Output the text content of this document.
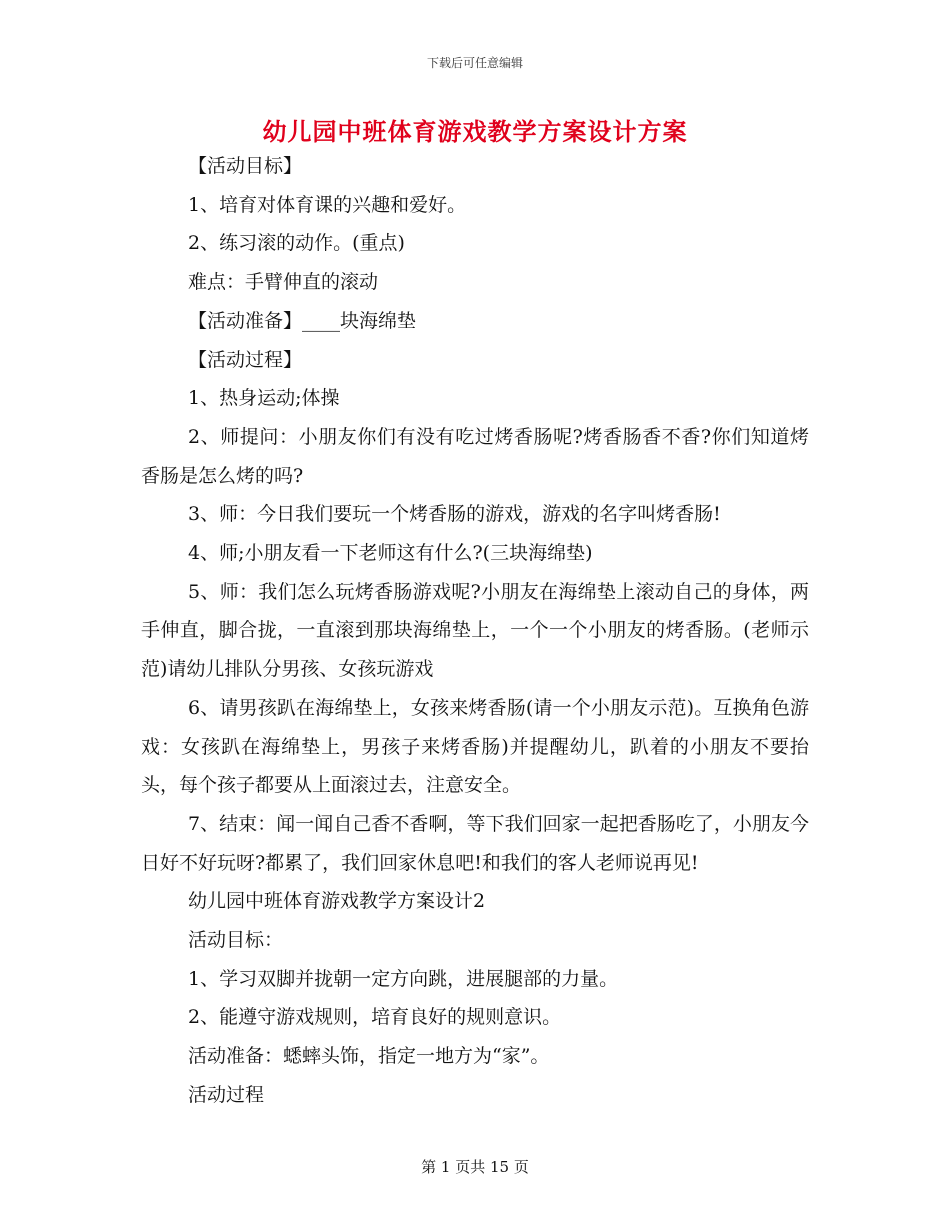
下载后可任意编辑
幼儿园中班体育游戏教学方案设计方案

【活动目标】

1、培育对体育课的兴趣和爱好。

2、练习滚的动作。(重点)

难点：手臂伸直的滚动

【活动准备】____块海绵垫

【活动过程】

1、热身运动;体操

2、师提问：小朋友你们有没有吃过烤香肠呢?烤香肠香不香?你们知道烤香肠是怎么烤的吗?

3、师：今日我们要玩一个烤香肠的游戏，游戏的名字叫烤香肠!

4、师;小朋友看一下老师这有什么?(三块海绵垫)

5、师：我们怎么玩烤香肠游戏呢?小朋友在海绵垫上滚动自己的身体，两手伸直，脚合拢，一直滚到那块海绵垫上，一个一个小朋友的烤香肠。(老师示范)请幼儿排队分男孩、女孩玩游戏

6、请男孩趴在海绵垫上，女孩来烤香肠(请一个小朋友示范)。互换角色游戏：女孩趴在海绵垫上，男孩子来烤香肠)并提醒幼儿，趴着的小朋友不要抬头，每个孩子都要从上面滚过去，注意安全。

7、结束：闻一闻自己香不香啊，等下我们回家一起把香肠吃了，小朋友今日好不好玩呀?都累了，我们回家休息吧!和我们的客人老师说再见!

幼儿园中班体育游戏教学方案设计2

活动目标：

1、学习双脚并拢朝一定方向跳，进展腿部的力量。

2、能遵守游戏规则，培育良好的规则意识。

活动准备：蟋蟀头饰，指定一地方为“家”。

活动过程

第 1 页共 15 页
